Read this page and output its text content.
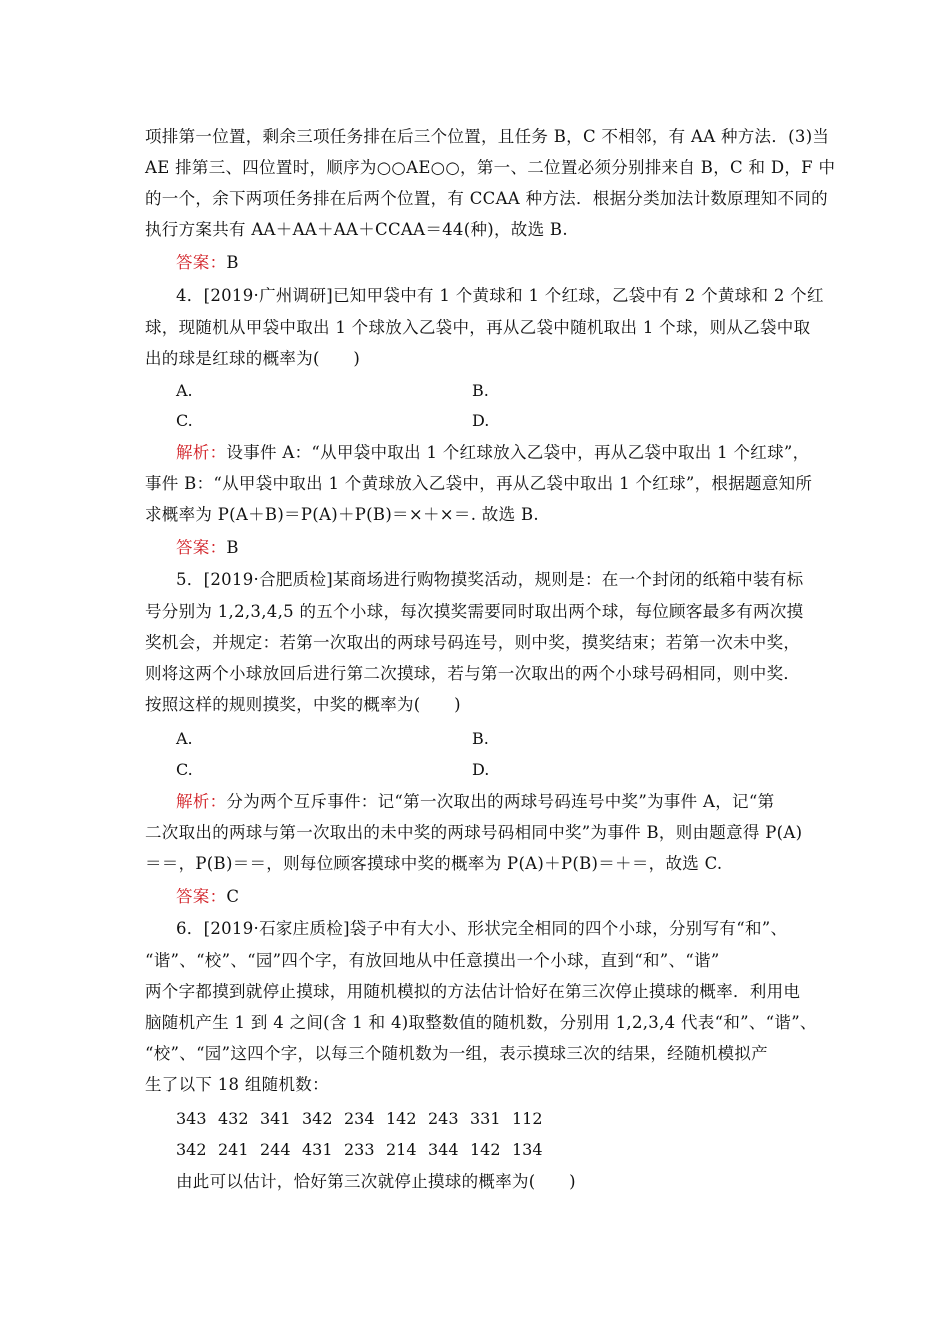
项排第一位置，剩余三项任务排在后三个位置，且任务 B，C 不相邻，有 AA 种方法．(3)当
AE 排第三、四位置时，顺序为○○AE○○，第一、二位置必须分别排来自 B，C 和 D，F 中
的一个，余下两项任务排在后两个位置，有 CCAA 种方法．根据分类加法计数原理知不同的
执行方案共有 AA＋AA＋AA＋CCAA＝44(种)，故选 B.
答案：B
4．[2019·广州调研]已知甲袋中有 1 个黄球和 1 个红球，乙袋中有 2 个黄球和 2 个红
球，现随机从甲袋中取出 1 个球放入乙袋中，再从乙袋中随机取出 1 个球，则从乙袋中取
出的球是红球的概率为(　　)
A.	B.
C.	D.
解析：设事件 A：“从甲袋中取出 1 个红球放入乙袋中，再从乙袋中取出 1 个红球”，
事件 B：“从甲袋中取出 1 个黄球放入乙袋中，再从乙袋中取出 1 个红球”，根据题意知所
求概率为 P(A＋B)＝P(A)＋P(B)＝×＋×＝. 故选 B.
答案：B
5．[2019·合肥质检]某商场进行购物摸奖活动，规则是：在一个封闭的纸箱中装有标
号分别为 1,2,3,4,5 的五个小球，每次摸奖需要同时取出两个球，每位顾客最多有两次摸
奖机会，并规定：若第一次取出的两球号码连号，则中奖，摸奖结束；若第一次未中奖，
则将这两个小球放回后进行第二次摸球，若与第一次取出的两个小球号码相同，则中奖．
按照这样的规则摸奖，中奖的概率为(　　)
A.	B.
C.	D.
解析：分为两个互斥事件：记“第一次取出的两球号码连号中奖”为事件 A，记“第
二次取出的两球与第一次取出的未中奖的两球号码相同中奖”为事件 B，则由题意得 P(A)
＝＝，P(B)＝＝，则每位顾客摸球中奖的概率为 P(A)＋P(B)＝＋＝，故选 C.
答案：C
6．[2019·石家庄质检]袋子中有大小、形状完全相同的四个小球，分别写有“和”、
“谐”、“校”、“园”四个字，有放回地从中任意摸出一个小球，直到“和”、“谐”
两个字都摸到就停止摸球，用随机模拟的方法估计恰好在第三次停止摸球的概率．利用电
脑随机产生 1 到 4 之间(含 1 和 4)取整数值的随机数，分别用 1,2,3,4 代表“和”、“谐”、
“校”、“园”这四个字，以每三个随机数为一组，表示摸球三次的结果，经随机模拟产
生了以下 18 组随机数：
343 432 341 342 234 142 243 331 112
342 241 244 431 233 214 344 142 134
由此可以估计，恰好第三次就停止摸球的概率为(　　)
